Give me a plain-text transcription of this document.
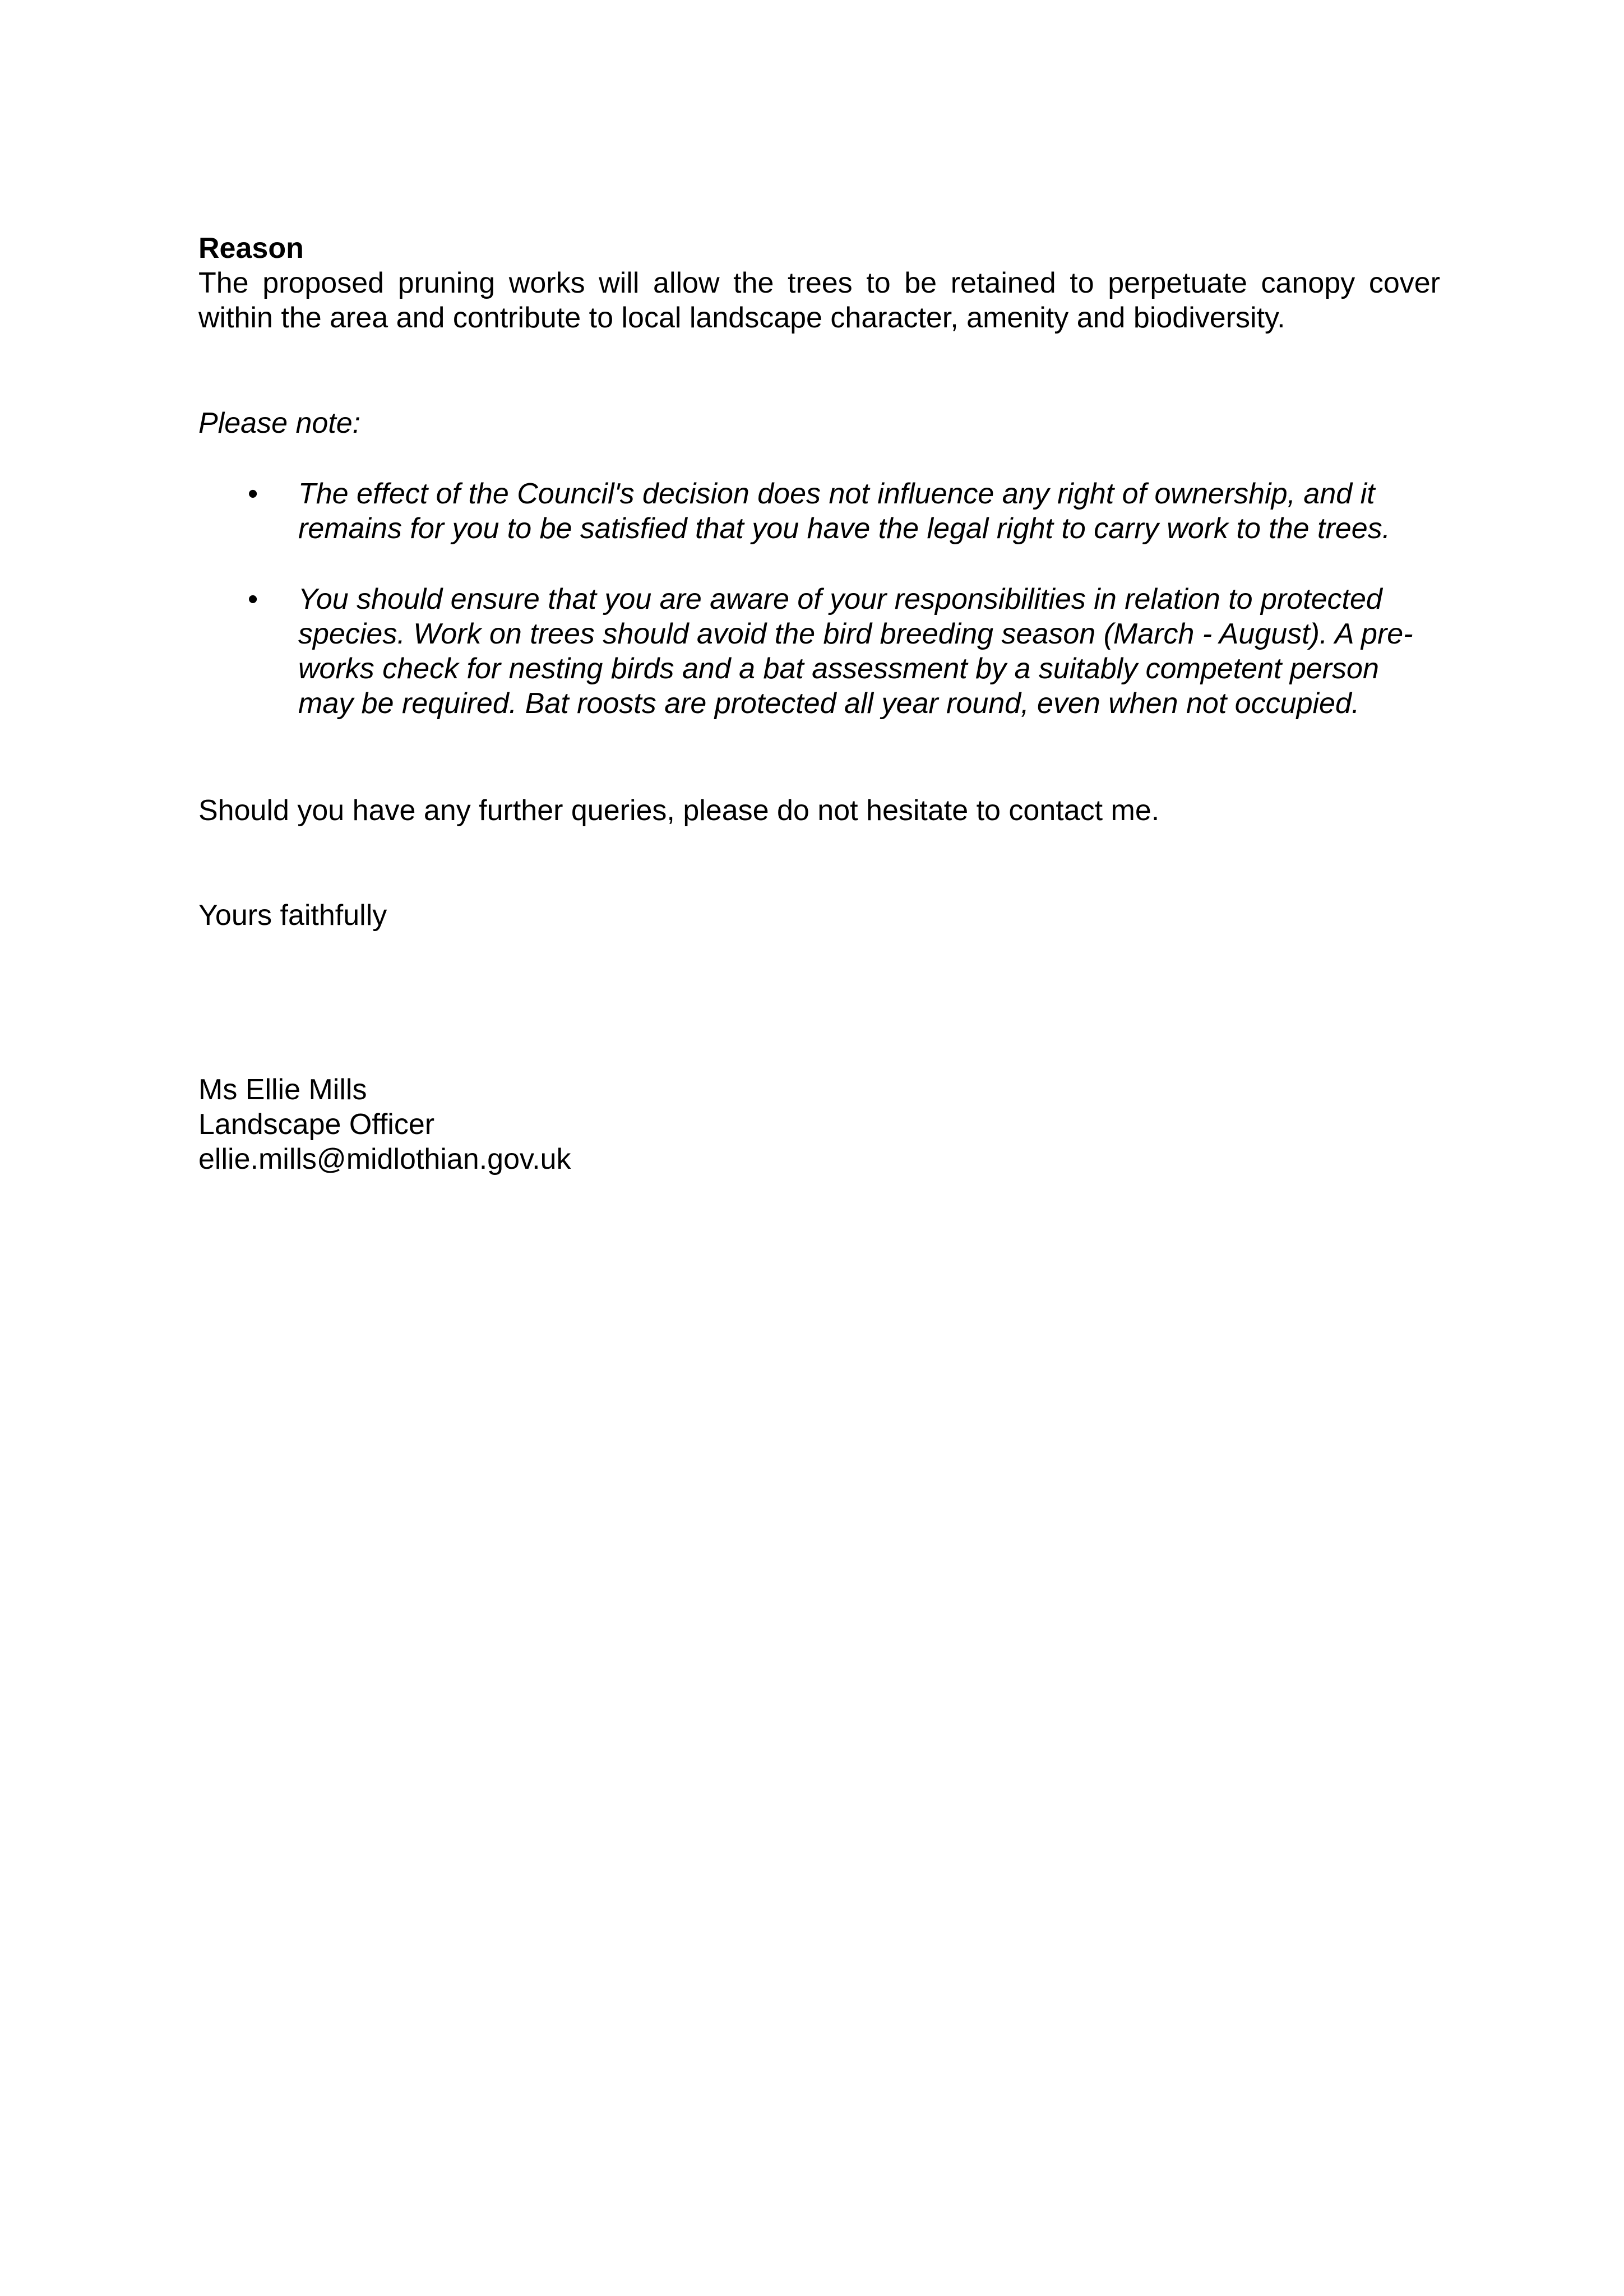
Reason

The proposed pruning works will allow the trees to be retained to perpetuate canopy cover within the area and contribute to local landscape character, amenity and biodiversity.

Please note:

• The effect of the Council's decision does not influence any right of ownership, and it remains for you to be satisfied that you have the legal right to carry work to the trees.
• You should ensure that you are aware of your responsibilities in relation to protected species. Work on trees should avoid the bird breeding season (March - August). A pre-works check for nesting birds and a bat assessment by a suitably competent person may be required. Bat roosts are protected all year round, even when not occupied.

Should you have any further queries, please do not hesitate to contact me.

Yours faithfully

Ms Ellie Mills

Landscape Officer

ellie.mills@midlothian.gov.uk
